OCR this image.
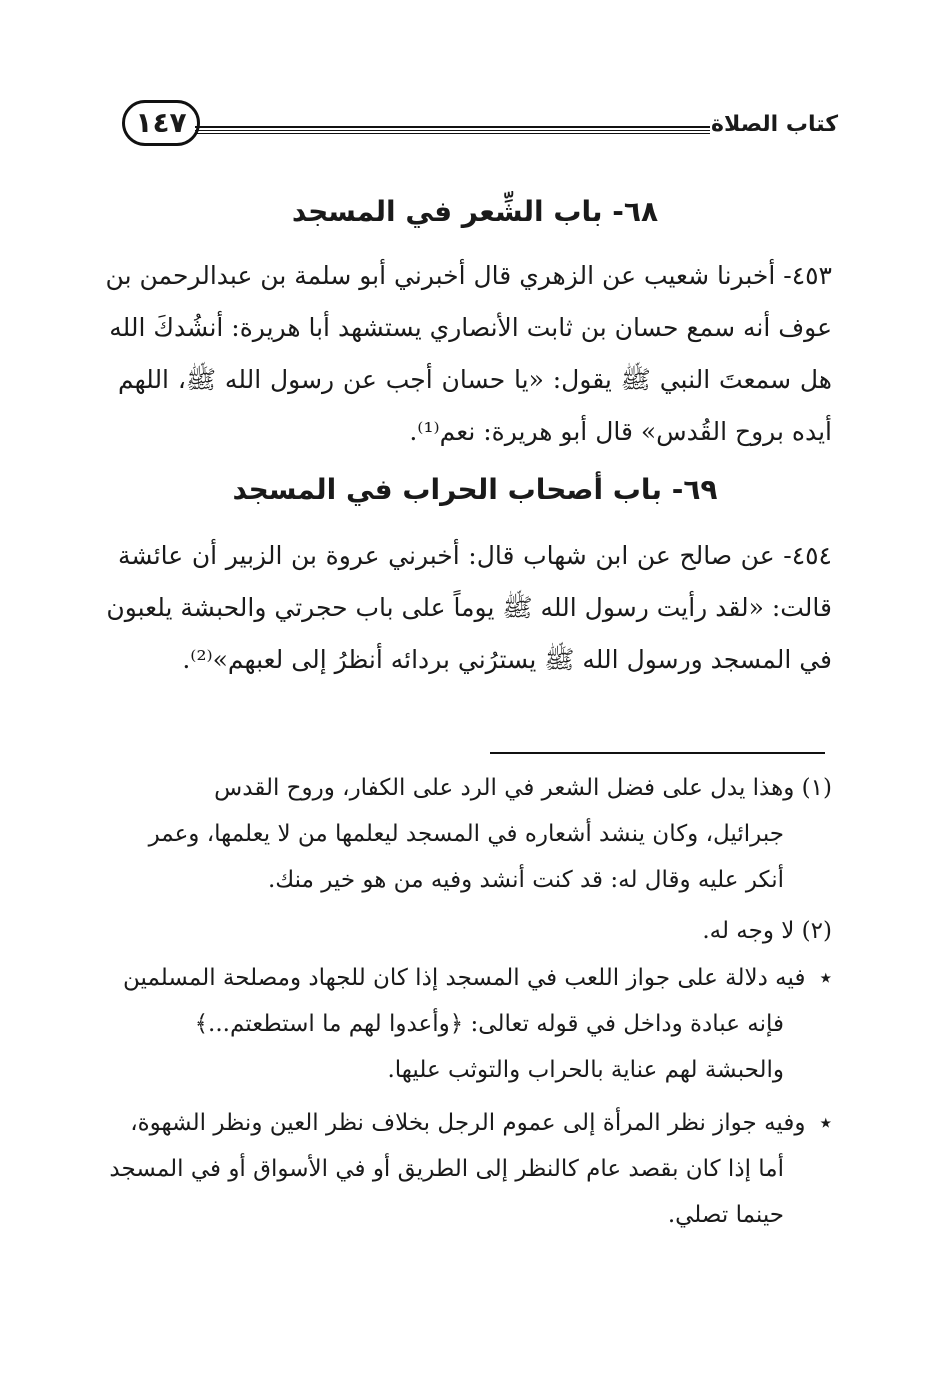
كتاب الصلاة
١٤٧
٦٨- باب الشِّعر في المسجد
٤٥٣- أخبرنا شعيب عن الزهري قال أخبرني أبو سلمة بن عبدالرحمن بن
عوف أنه سمع حسان بن ثابت الأنصاري يستشهد أبا هريرة: أنشُدكَ الله
هل سمعتَ النبي ﷺ يقول: «يا حسان أجب عن رسول الله ﷺ، اللهم
أيده بروح القُدس» قال أبو هريرة: نعم⁽¹⁾.
٦٩- باب أصحاب الحراب في المسجد
٤٥٤- عن صالح عن ابن شهاب قال: أخبرني عروة بن الزبير أن عائشة
قالت: «لقد رأيت رسول الله ﷺ يوماً على باب حجرتي والحبشة يلعبون
في المسجد ورسول الله ﷺ يسترُني بردائه أنظرُ إلى لعبهم»⁽²⁾.
(١) وهذا يدل على فضل الشعر في الرد على الكفار، وروح القدس
جبرائيل، وكان ينشد أشعاره في المسجد ليعلمها من لا يعلمها، وعمر
أنكر عليه وقال له: قد كنت أنشد وفيه من هو خير منك.
(٢) لا وجه له.
٭فيه دلالة على جواز اللعب في المسجد إذا كان للجهاد ومصلحة المسلمين
فإنه عبادة وداخل في قوله تعالى: ﴿وأعدوا لهم ما استطعتم...﴾
والحبشة لهم عناية بالحراب والتوثب عليها.
٭وفيه جواز نظر المرأة إلى عموم الرجل بخلاف نظر العين ونظر الشهوة،
أما إذا كان بقصد عام كالنظر إلى الطريق أو في الأسواق أو في المسجد
حينما تصلي.
